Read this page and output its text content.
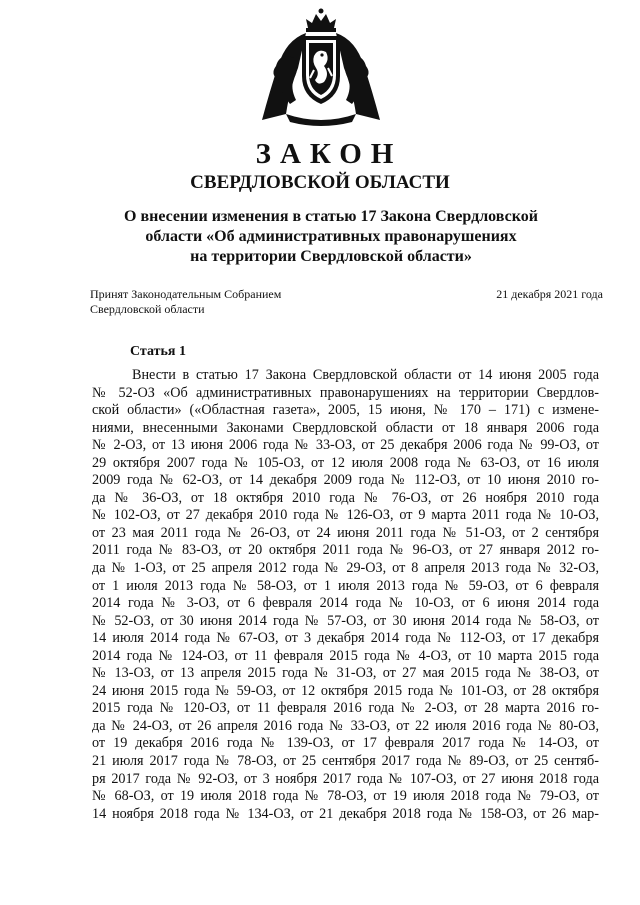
ЗАКОН
СВЕРДЛОВСКОЙ ОБЛАСТИ
О внесении изменения в статью 17 Закона Свердловской
области «Об административных правонарушениях
на территории Свердловской области»
Принят Законодательным Собранием
Свердловской области
21 декабря 2021 года
Статья 1
Внести в статью 17 Закона Свердловской области от 14 июня 2005 года
№ 52-ОЗ «Об административных правонарушениях на территории Свердлов-
ской области» («Областная газета», 2005, 15 июня, № 170 – 171) с измене-
ниями, внесенными Законами Свердловской области от 18 января 2006 года
№ 2-ОЗ, от 13 июня 2006 года № 33-ОЗ, от 25 декабря 2006 года № 99-ОЗ, от
29 октября 2007 года № 105-ОЗ, от 12 июля 2008 года № 63-ОЗ, от 16 июля
2009 года № 62-ОЗ, от 14 декабря 2009 года № 112-ОЗ, от 10 июня 2010 го-
да № 36-ОЗ, от 18 октября 2010 года № 76-ОЗ, от 26 ноября 2010 года
№ 102-ОЗ, от 27 декабря 2010 года № 126-ОЗ, от 9 марта 2011 года № 10-ОЗ,
от 23 мая 2011 года № 26-ОЗ, от 24 июня 2011 года № 51-ОЗ, от 2 сентября
2011 года № 83-ОЗ, от 20 октября 2011 года № 96-ОЗ, от 27 января 2012 го-
да № 1-ОЗ, от 25 апреля 2012 года № 29-ОЗ, от 8 апреля 2013 года № 32-ОЗ,
от 1 июля 2013 года № 58-ОЗ, от 1 июля 2013 года № 59-ОЗ, от 6 февраля
2014 года № 3-ОЗ, от 6 февраля 2014 года № 10-ОЗ, от 6 июня 2014 года
№ 52-ОЗ, от 30 июня 2014 года № 57-ОЗ, от 30 июня 2014 года № 58-ОЗ, от
14 июля 2014 года № 67-ОЗ, от 3 декабря 2014 года № 112-ОЗ, от 17 декабря
2014 года № 124-ОЗ, от 11 февраля 2015 года № 4-ОЗ, от 10 марта 2015 года
№ 13-ОЗ, от 13 апреля 2015 года № 31-ОЗ, от 27 мая 2015 года № 38-ОЗ, от
24 июня 2015 года № 59-ОЗ, от 12 октября 2015 года № 101-ОЗ, от 28 октября
2015 года № 120-ОЗ, от 11 февраля 2016 года № 2-ОЗ, от 28 марта 2016 го-
да № 24-ОЗ, от 26 апреля 2016 года № 33-ОЗ, от 22 июля 2016 года № 80-ОЗ,
от 19 декабря 2016 года № 139-ОЗ, от 17 февраля 2017 года № 14-ОЗ, от
21 июля 2017 года № 78-ОЗ, от 25 сентября 2017 года № 89-ОЗ, от 25 сентяб-
ря 2017 года № 92-ОЗ, от 3 ноября 2017 года № 107-ОЗ, от 27 июня 2018 года
№ 68-ОЗ, от 19 июля 2018 года № 78-ОЗ, от 19 июля 2018 года № 79-ОЗ, от
14 ноября 2018 года № 134-ОЗ, от 21 декабря 2018 года № 158-ОЗ, от 26 мар-
